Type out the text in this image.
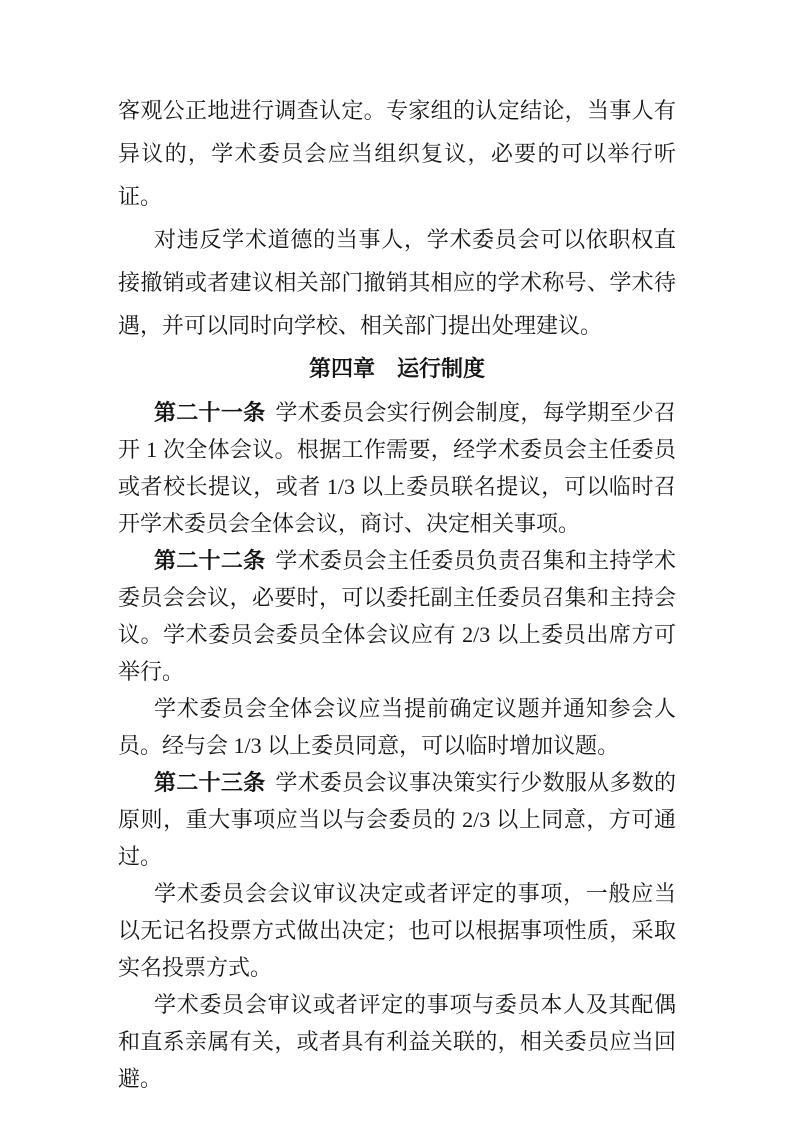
客观公正地进行调查认定。专家组的认定结论，当事人有异议的，学术委员会应当组织复议，必要的可以举行听证。

对违反学术道德的当事人，学术委员会可以依职权直接撤销或者建议相关部门撤销其相应的学术称号、学术待遇，并可以同时向学校、相关部门提出处理建议。

第四章　运行制度

第二十一条 学术委员会实行例会制度，每学期至少召开 1 次全体会议。根据工作需要，经学术委员会主任委员或者校长提议，或者 1/3 以上委员联名提议，可以临时召开学术委员会全体会议，商讨、决定相关事项。

第二十二条 学术委员会主任委员负责召集和主持学术委员会会议，必要时，可以委托副主任委员召集和主持会议。学术委员会委员全体会议应有 2/3 以上委员出席方可举行。

学术委员会全体会议应当提前确定议题并通知参会人员。经与会 1/3 以上委员同意，可以临时增加议题。

第二十三条 学术委员会议事决策实行少数服从多数的原则，重大事项应当以与会委员的 2/3 以上同意，方可通过。

学术委员会会议审议决定或者评定的事项，一般应当以无记名投票方式做出决定；也可以根据事项性质，采取实名投票方式。

学术委员会审议或者评定的事项与委员本人及其配偶和直系亲属有关，或者具有利益关联的，相关委员应当回避。
